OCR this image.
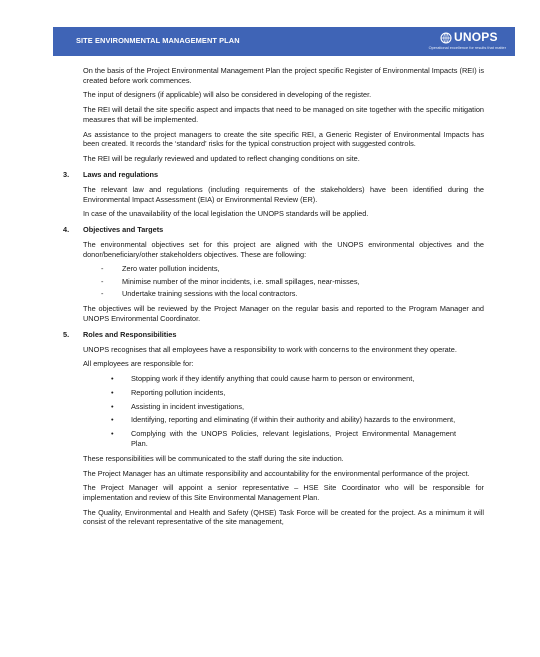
SITE ENVIRONMENTAL MANAGEMENT PLAN	UNOPS
Operational excellence for results that matter

On the basis of the Project Environmental Management Plan the project specific Register of Environmental Impacts (REI) is created before work commences.

The input of designers (if applicable) will also be considered in developing of the register.

The REI will detail the site specific aspect and impacts that need to be managed on site together with the specific mitigation measures that will be implemented.

As assistance to the project managers to create the site specific REI, a Generic Register of Environmental Impacts has been created. It records the ‘standard’ risks for the typical construction project with suggested controls.

The REI will be regularly reviewed and updated to reflect changing conditions on site.

3.	Laws and regulations

The relevant law and regulations (including requirements of the stakeholders) have been identified during the Environmental Impact Assessment (EIA) or Environmental Review (ER).

In case of the unavailability of the local legislation the UNOPS standards will be applied.

4.	Objectives and Targets

The environmental objectives set for this project are aligned with the UNOPS environmental objectives and the donor/beneficiary/other stakeholders objectives. These are following:

-	Zero water pollution incidents,
-	Minimise number of the minor incidents, i.e. small spillages, near-misses,
-	Undertake training sessions with the local contractors.

The objectives will be reviewed by the Project Manager on the regular basis and reported to the Program Manager and UNOPS Environmental Coordinator.

5.	Roles and Responsibilities

UNOPS recognises that all employees have a responsibility to work with concerns to the environment they operate.

All employees are responsible for:

• Stopping work if they identify anything that could cause harm to person or environment,
• Reporting pollution incidents,
• Assisting in incident investigations,
• Identifying, reporting and eliminating (if within their authority and ability) hazards to the environment,
• Complying with the UNOPS Policies, relevant legislations, Project Environmental Management Plan.

These responsibilities will be communicated to the staff during the site induction.

The Project Manager has an ultimate responsibility and accountability for the environmental performance of the project.

The Project Manager will appoint a senior representative – HSE Site Coordinator who will be responsible for implementation and review of this Site Environmental Management Plan.

The Quality, Environmental and Health and Safety (QHSE) Task Force will be created for the project. As a minimum it will consist of the relevant representative of the site management,
